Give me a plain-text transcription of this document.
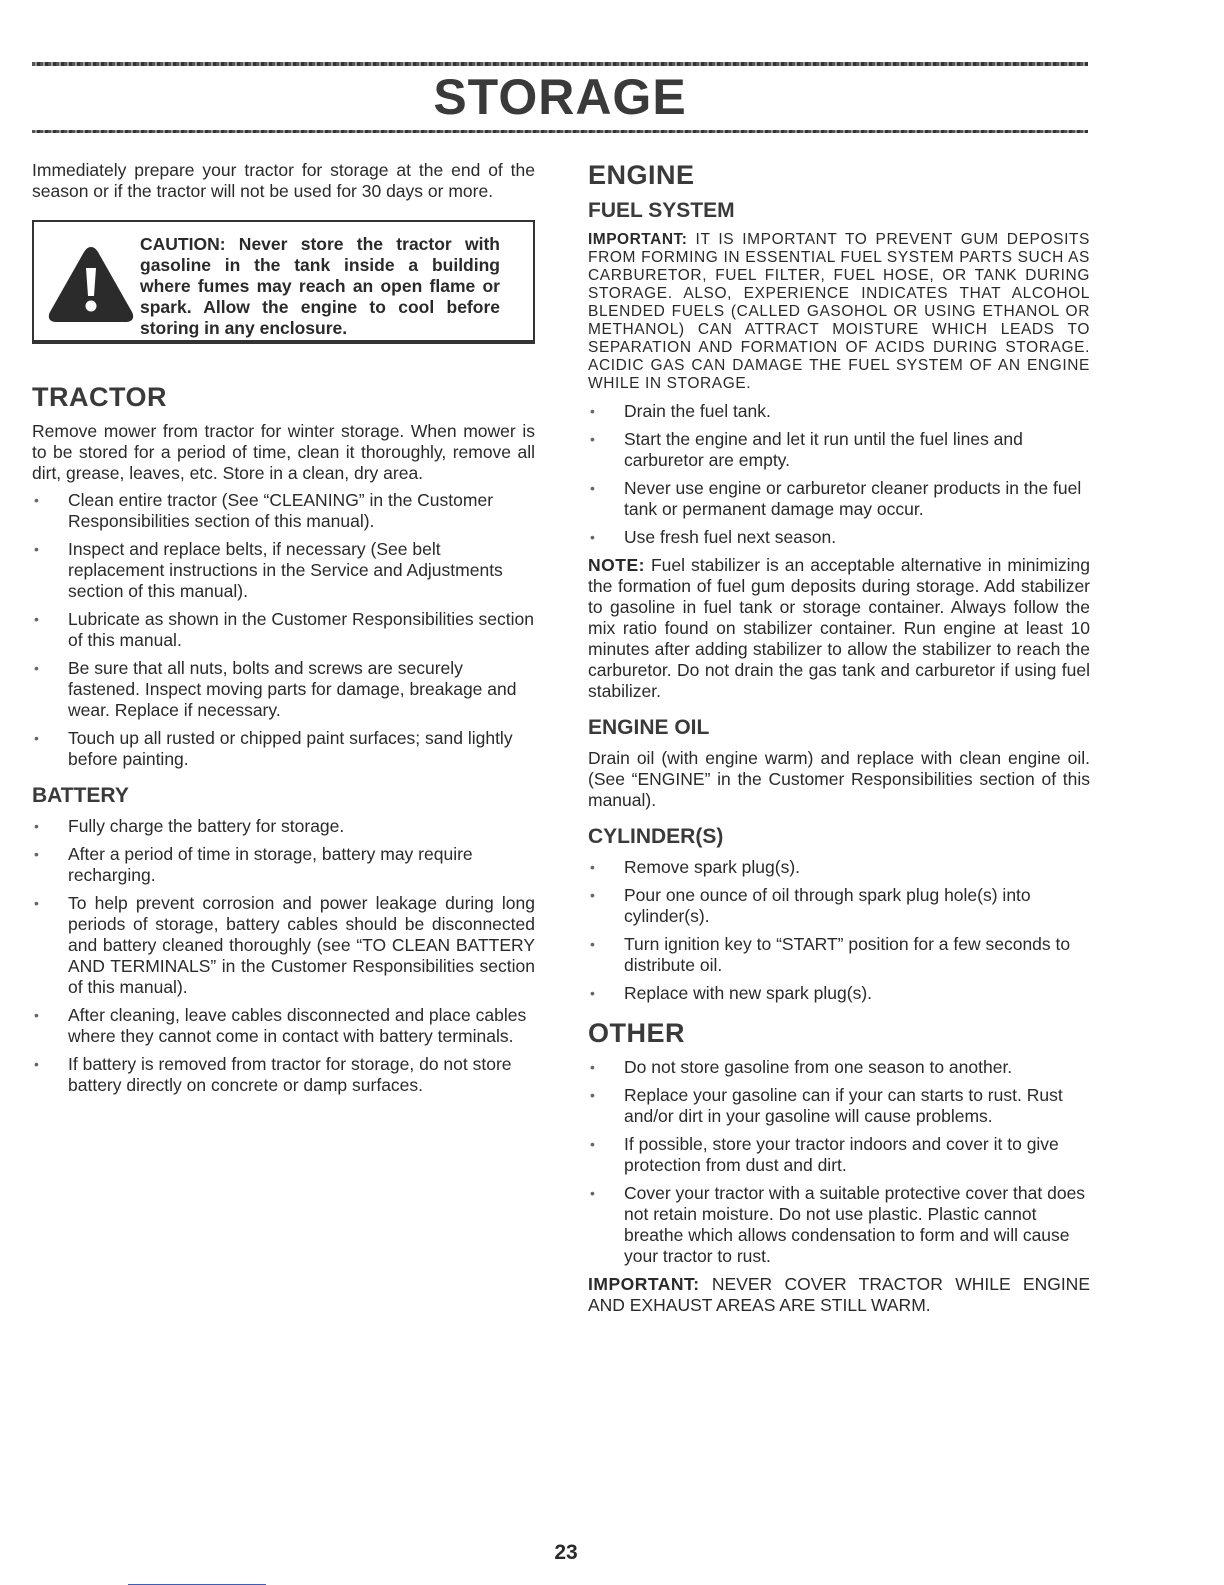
STORAGE

Immediately prepare your tractor for storage at the end of the season or if the tractor will not be used for 30 days or more.

CAUTION: Never store the tractor with gasoline in the tank inside a building where fumes may reach an open flame or spark. Allow the engine to cool before storing in any enclosure.
TRACTOR

Remove mower from tractor for winter storage. When mower is to be stored for a period of time, clean it thoroughly, remove all dirt, grease, leaves, etc. Store in a clean, dry area.

• Clean entire tractor (See “CLEANING” in the Customer Responsibilities section of this manual).
• Inspect and replace belts, if necessary (See belt replacement instructions in the Service and Adjustments section of this manual).
• Lubricate as shown in the Customer Responsibilities section of this manual.
• Be sure that all nuts, bolts and screws are securely fastened. Inspect moving parts for damage, breakage and wear. Replace if necessary.
• Touch up all rusted or chipped paint surfaces; sand lightly before painting.
BATTERY
• Fully charge the battery for storage.
• After a period of time in storage, battery may require recharging.
• To help prevent corrosion and power leakage during long periods of storage, battery cables should be disconnected and battery cleaned thoroughly (see “TO CLEAN BATTERY AND TERMINALS” in the Customer Responsibilities section of this manual).
• After cleaning, leave cables disconnected and place cables where they cannot come in contact with battery terminals.
• If battery is removed from tractor for storage, do not store battery directly on concrete or damp surfaces.
ENGINE
FUEL SYSTEM

IMPORTANT: IT IS IMPORTANT TO PREVENT GUM DEPOSITS FROM FORMING IN ESSENTIAL FUEL SYSTEM PARTS SUCH AS CARBURETOR, FUEL FILTER, FUEL HOSE, OR TANK DURING STORAGE. ALSO, EXPERIENCE INDICATES THAT ALCOHOL BLENDED FUELS (CALLED GASOHOL OR USING ETHANOL OR METHANOL) CAN ATTRACT MOISTURE WHICH LEADS TO SEPARATION AND FORMATION OF ACIDS DURING STORAGE. ACIDIC GAS CAN DAMAGE THE FUEL SYSTEM OF AN ENGINE WHILE IN STORAGE.

• Drain the fuel tank.
• Start the engine and let it run until the fuel lines and carburetor are empty.
• Never use engine or carburetor cleaner products in the fuel tank or permanent damage may occur.
• Use fresh fuel next season.

NOTE: Fuel stabilizer is an acceptable alternative in minimizing the formation of fuel gum deposits during storage. Add stabilizer to gasoline in fuel tank or storage container. Always follow the mix ratio found on stabilizer container. Run engine at least 10 minutes after adding stabilizer to allow the stabilizer to reach the carburetor. Do not drain the gas tank and carburetor if using fuel stabilizer.

ENGINE OIL

Drain oil (with engine warm) and replace with clean engine oil. (See “ENGINE” in the Customer Responsibilities section of this manual).

CYLINDER(S)
• Remove spark plug(s).
• Pour one ounce of oil through spark plug hole(s) into cylinder(s).
• Turn ignition key to “START” position for a few seconds to distribute oil.
• Replace with new spark plug(s).
OTHER
• Do not store gasoline from one season to another.
• Replace your gasoline can if your can starts to rust. Rust and/or dirt in your gasoline will cause problems.
• If possible, store your tractor indoors and cover it to give protection from dust and dirt.
• Cover your tractor with a suitable protective cover that does not retain moisture. Do not use plastic. Plastic cannot breathe which allows condensation to form and will cause your tractor to rust.

IMPORTANT: NEVER COVER TRACTOR WHILE ENGINE AND EXHAUST AREAS ARE STILL WARM.

23
